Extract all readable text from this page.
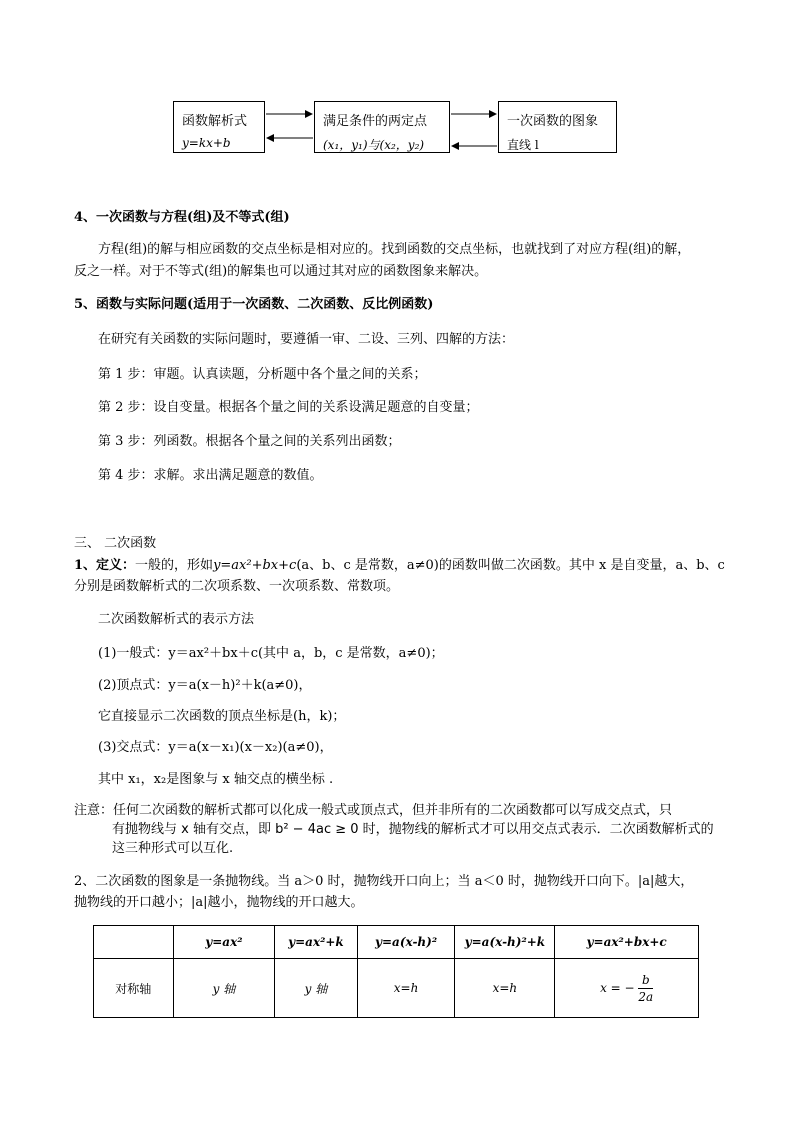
函数解析式
y=kx+b
满足条件的两定点
(x₁，y₁)与(x₂，y₂)
一次函数的图象
直线 l
4、一次函数与方程(组)及不等式(组)
方程(组)的解与相应函数的交点坐标是相对应的。找到函数的交点坐标，也就找到了对应方程(组)的解，
反之一样。对于不等式(组)的解集也可以通过其对应的函数图象来解决。
5、函数与实际问题(适用于一次函数、二次函数、反比例函数)
在研究有关函数的实际问题时，要遵循一审、二设、三列、四解的方法：
第 1 步：审题。认真读题，分析题中各个量之间的关系；
第 2 步：设自变量。根据各个量之间的关系设满足题意的自变量；
第 3 步：列函数。根据各个量之间的关系列出函数；
第 4 步：求解。求出满足题意的数值。
三、 二次函数
1、定义：一般的，形如y=ax²+bx+c(a、b、c 是常数，a≠0)的函数叫做二次函数。其中 x 是自变量，a、b、c
分别是函数解析式的二次项系数、一次项系数、常数项。
二次函数解析式的表示方法
(1)一般式：y＝ax²＋bx＋c(其中 a，b，c 是常数，a≠0)；
(2)顶点式：y＝a(x－h)²＋k(a≠0)，
它直接显示二次函数的顶点坐标是(h，k)；
(3)交点式：y＝a(x－x₁)(x－x₂)(a≠0)，
其中 x₁，x₂是图象与 x 轴交点的横坐标 .
注意：任何二次函数的解析式都可以化成一般式或顶点式，但并非所有的二次函数都可以写成交点式，只
有抛物线与 x 轴有交点，即 b² − 4ac ≥ 0 时，抛物线的解析式才可以用交点式表示．二次函数解析式的
这三种形式可以互化.
2、二次函数的图象是一条抛物线。当 a＞0 时，抛物线开口向上；当 a＜0 时，抛物线开口向下。|a|越大，
抛物线的开口越小；|a|越小，抛物线的开口越大。
	y=ax²	y=ax²+k	y=a(x-h)²	y=a(x-h)²+k	y=ax²+bx+c
对称轴	y 轴	y 轴	x=h	x=h	x = − $\frac{b}{2a}$
